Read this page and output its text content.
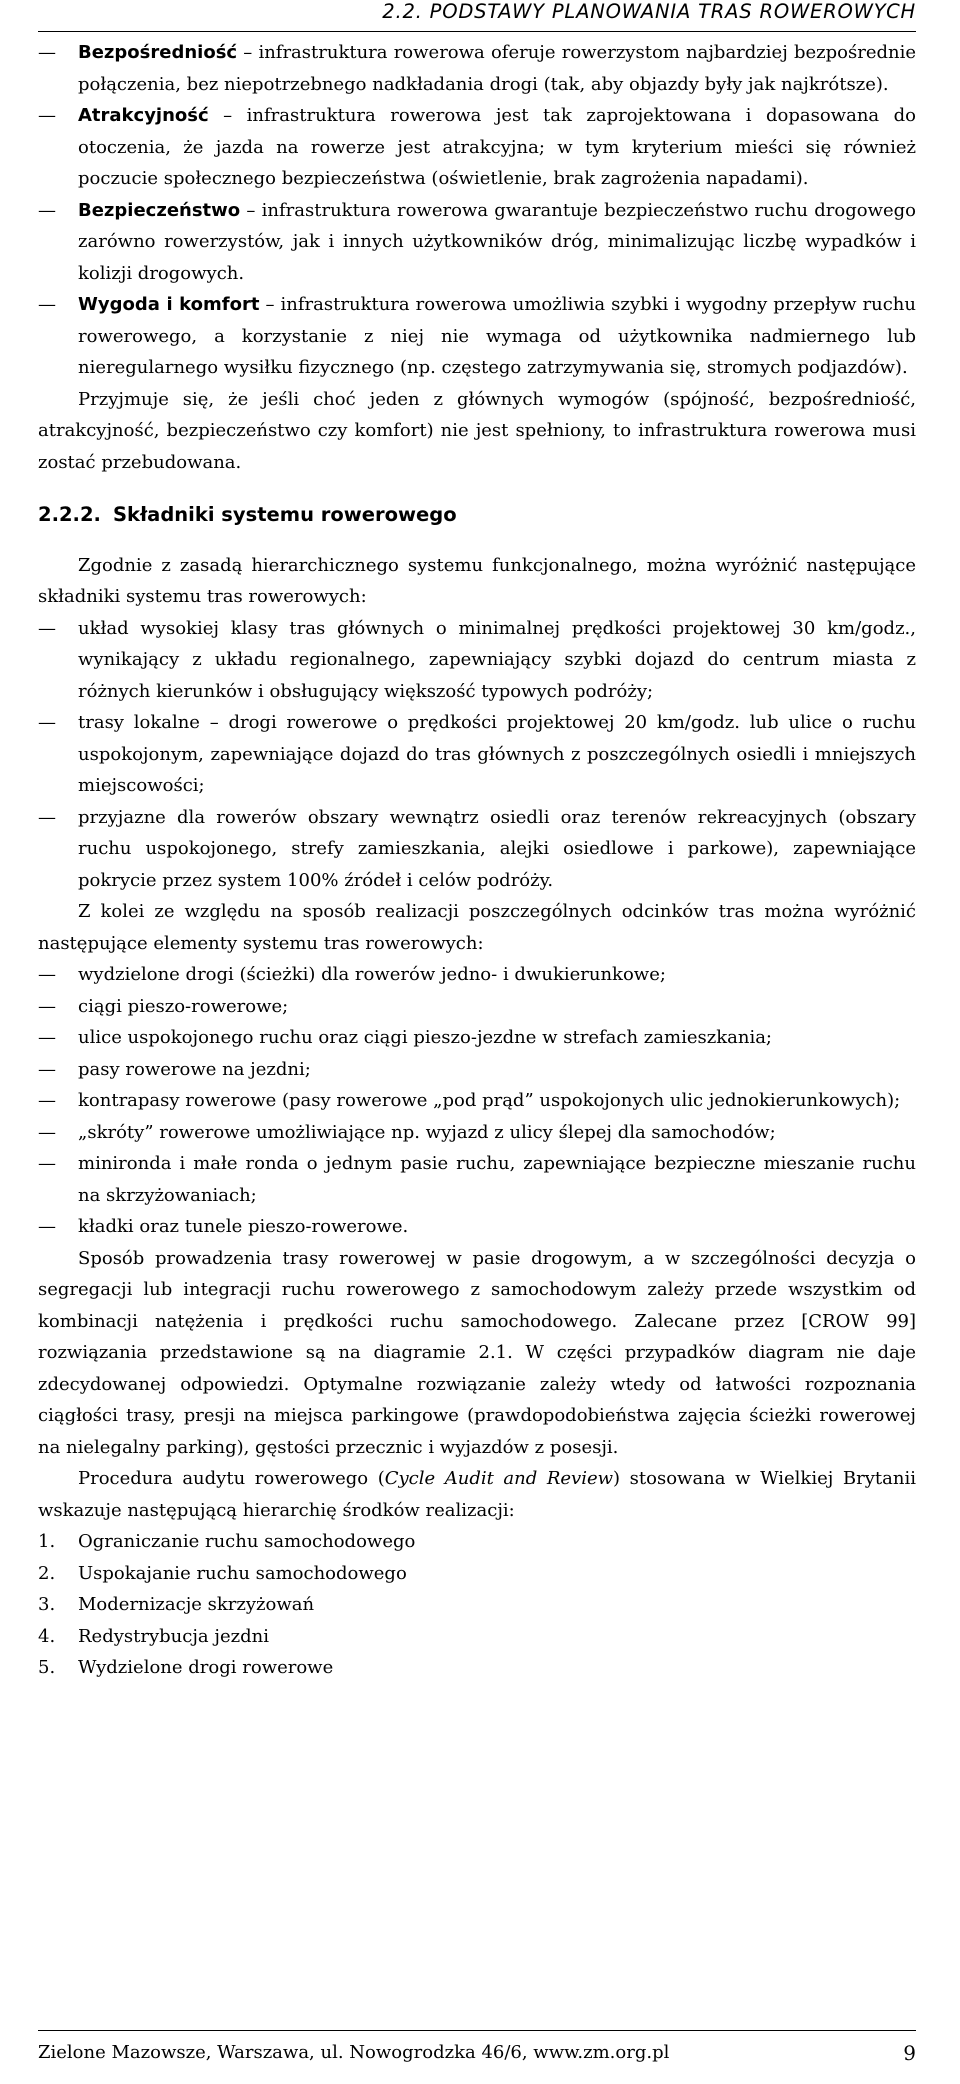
2.2. PODSTAWY PLANOWANIA TRAS ROWEROWYCH

— Bezpośredniość – infrastruktura rowerowa oferuje rowerzystom najbardziej bezpośrednie połączenia, bez niepotrzebnego nadkładania drogi (tak, aby objazdy były jak najkrótsze).

— Atrakcyjność – infrastruktura rowerowa jest tak zaprojektowana i dopasowana do otoczenia, że jazda na rowerze jest atrakcyjna; w tym kryterium mieści się również poczucie społecznego bezpieczeństwa (oświetlenie, brak zagrożenia napadami).

— Bezpieczeństwo – infrastruktura rowerowa gwarantuje bezpieczeństwo ruchu drogowego zarówno rowerzystów, jak i innych użytkowników dróg, minimalizując liczbę wypadków i kolizji drogowych.

— Wygoda i komfort – infrastruktura rowerowa umożliwia szybki i wygodny przepływ ruchu rowerowego, a korzystanie z niej nie wymaga od użytkownika nadmiernego lub nieregularnego wysiłku fizycznego (np. częstego zatrzymywania się, stromych podjazdów).

Przyjmuje się, że jeśli choć jeden z głównych wymogów (spójność, bezpośredniość, atrakcyjność, bezpieczeństwo czy komfort) nie jest spełniony, to infrastruktura rowerowa musi zostać przebudowana.

2.2.2. Składniki systemu rowerowego

Zgodnie z zasadą hierarchicznego systemu funkcjonalnego, można wyróżnić następujące składniki systemu tras rowerowych:

— układ wysokiej klasy tras głównych o minimalnej prędkości projektowej 30 km/godz., wynikający z układu regionalnego, zapewniający szybki dojazd do centrum miasta z różnych kierunków i obsługujący większość typowych podróży;

— trasy lokalne – drogi rowerowe o prędkości projektowej 20 km/godz. lub ulice o ruchu uspokojonym, zapewniające dojazd do tras głównych z poszczególnych osiedli i mniejszych miejscowości;

— przyjazne dla rowerów obszary wewnątrz osiedli oraz terenów rekreacyjnych (obszary ruchu uspokojonego, strefy zamieszkania, alejki osiedlowe i parkowe), zapewniające pokrycie przez system 100% źródeł i celów podróży.

Z kolei ze względu na sposób realizacji poszczególnych odcinków tras można wyróżnić następujące elementy systemu tras rowerowych:

— wydzielone drogi (ścieżki) dla rowerów jedno- i dwukierunkowe;

— ciągi pieszo-rowerowe;

— ulice uspokojonego ruchu oraz ciągi pieszo-jezdne w strefach zamieszkania;

— pasy rowerowe na jezdni;

— kontrapasy rowerowe (pasy rowerowe „pod prąd” uspokojonych ulic jednokierunkowych);

— „skróty” rowerowe umożliwiające np. wyjazd z ulicy ślepej dla samochodów;

— minironda i małe ronda o jednym pasie ruchu, zapewniające bezpieczne mieszanie ruchu na skrzyżowaniach;

— kładki oraz tunele pieszo-rowerowe.

Sposób prowadzenia trasy rowerowej w pasie drogowym, a w szczególności decyzja o segregacji lub integracji ruchu rowerowego z samochodowym zależy przede wszystkim od kombinacji natężenia i prędkości ruchu samochodowego. Zalecane przez [CROW 99] rozwiązania przedstawione są na diagramie 2.1. W części przypadków diagram nie daje zdecydowanej odpowiedzi. Optymalne rozwiązanie zależy wtedy od łatwości rozpoznania ciągłości trasy, presji na miejsca parkingowe (prawdopodobieństwa zajęcia ścieżki rowerowej na nielegalny parking), gęstości przecznic i wyjazdów z posesji.

Procedura audytu rowerowego (Cycle Audit and Review) stosowana w Wielkiej Brytanii wskazuje następującą hierarchię środków realizacji:

1. Ograniczanie ruchu samochodowego

2. Uspokajanie ruchu samochodowego

3. Modernizacje skrzyżowań

4. Redystrybucja jezdni

5. Wydzielone drogi rowerowe

Zielone Mazowsze, Warszawa, ul. Nowogrodzka 46/6, www.zm.org.pl	9
